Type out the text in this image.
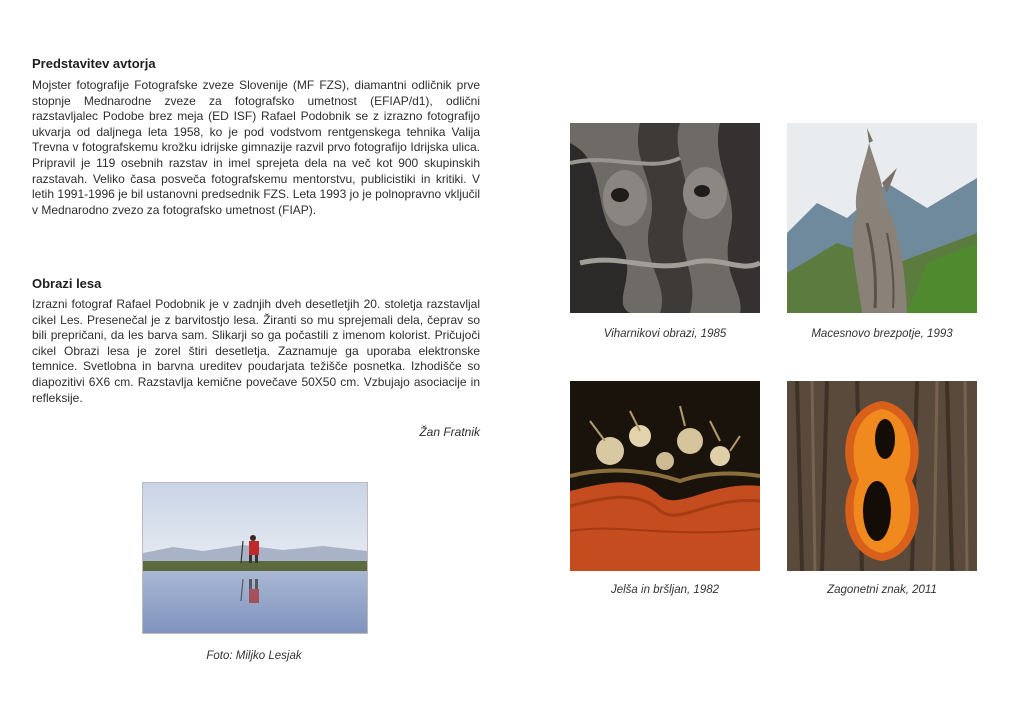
Predstavitev avtorja

Mojster fotografije Fotografske zveze Slovenije (MF FZS), diamantni odličnik prve stopnje Mednarodne zveze za fotografsko umetnost (EFIAP/d1), odlični razstavljalec Podobe brez meja (ED ISF) Rafael Podobnik se z izrazno fotografijo ukvarja od daljnega leta 1958, ko je pod vodstvom rentgenskega tehnika Valija Trevna v fotografskemu krožku idrijske gimnazije razvil prvo fotografijo Idrijska ulica. Pripravil je 119 osebnih razstav in imel sprejeta dela na več kot 900 skupinskih razstavah. Veliko časa posveča fotografskemu mentorstvu, publicistiki in kritiki. V letih 1991-1996 je bil ustanovni predsednik FZS. Leta 1993 jo je polnopravno vključil v Mednarodno zvezo za fotografsko umetnost (FIAP).

Obrazi lesa

Izrazni fotograf Rafael Podobnik je v zadnjih dveh desetletjih 20. stoletja razstavljal cikel Les. Presenečal je z barvitostjo lesa. Žiranti so mu sprejemali dela, čeprav so bili prepričani, da les barva sam. Slikarji so ga počastili z imenom kolorist. Pričujoči cikel Obrazi lesa je zorel štiri desetletja. Zaznamuje ga uporaba elektronske temnice. Svetlobna in barvna ureditev poudarjata težišče posnetka. Izhodišče so diapozitivi 6X6 cm. Razstavlja kemične povečave 50X50 cm. Vzbujajo asociacije in refleksije.

Žan Fratnik
Foto: Miljko Lesjak
Viharnikovi obrazi, 1985	Macesnovo brezpotje, 1993
Jelša in bršljan, 1982	Zagonetni znak, 2011
